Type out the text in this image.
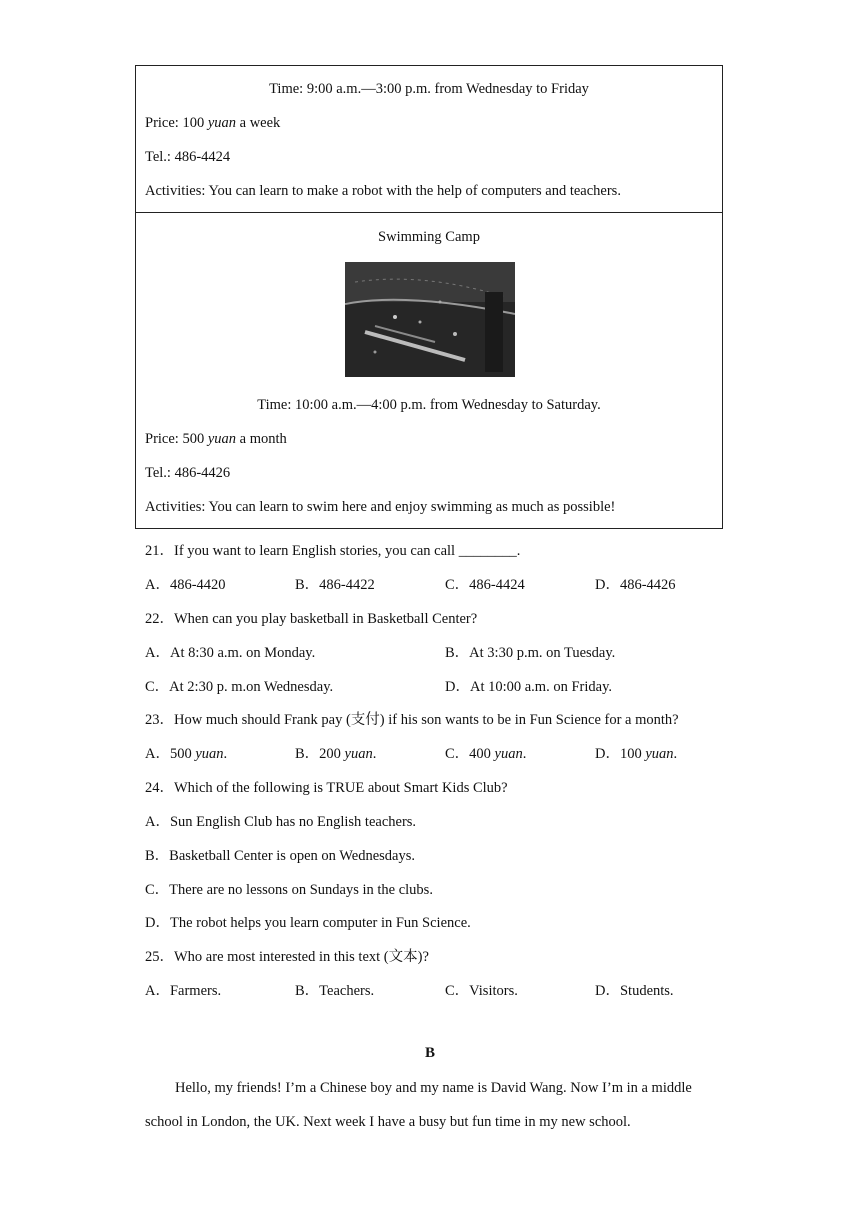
Time: 9:00 a.m.—3:00 p.m. from Wednesday to Friday
Price: 100 yuan a week
Tel.: 486-4424
Activities: You can learn to make a robot with the help of computers and teachers.
Swimming Camp
Time: 10:00 a.m.—4:00 p.m. from Wednesday to Saturday.
Price: 500 yuan a month
Tel.: 486-4426
Activities: You can learn to swim here and enjoy swimming as much as possible!
21．If you want to learn English stories, you can call ________.
A．486-4420	B．486-4422	C．486-4424	D．486-4426
22．When can you play basketball in Basketball Center?
A．At 8:30 a.m. on Monday.	B．At 3:30 p.m. on Tuesday.
C．At 2:30 p. m.on Wednesday.	D．At 10:00 a.m. on Friday.
23．How much should Frank pay (支付) if his son wants to be in Fun Science for a month?
A．500 yuan.	B．200 yuan.	C．400 yuan.	D．100 yuan.
24．Which of the following is TRUE about Smart Kids Club?
A．Sun English Club has no English teachers.
B．Basketball Center is open on Wednesdays.
C．There are no lessons on Sundays in the clubs.
D．The robot helps you learn computer in Fun Science.
25．Who are most interested in this text (文本)?
A．Farmers.	B．Teachers.	C．Visitors.	D．Students.
B
Hello, my friends! I’m a Chinese boy and my name is David Wang. Now I’m in a middle
school in London, the UK. Next week I have a busy but fun time in my new school.
